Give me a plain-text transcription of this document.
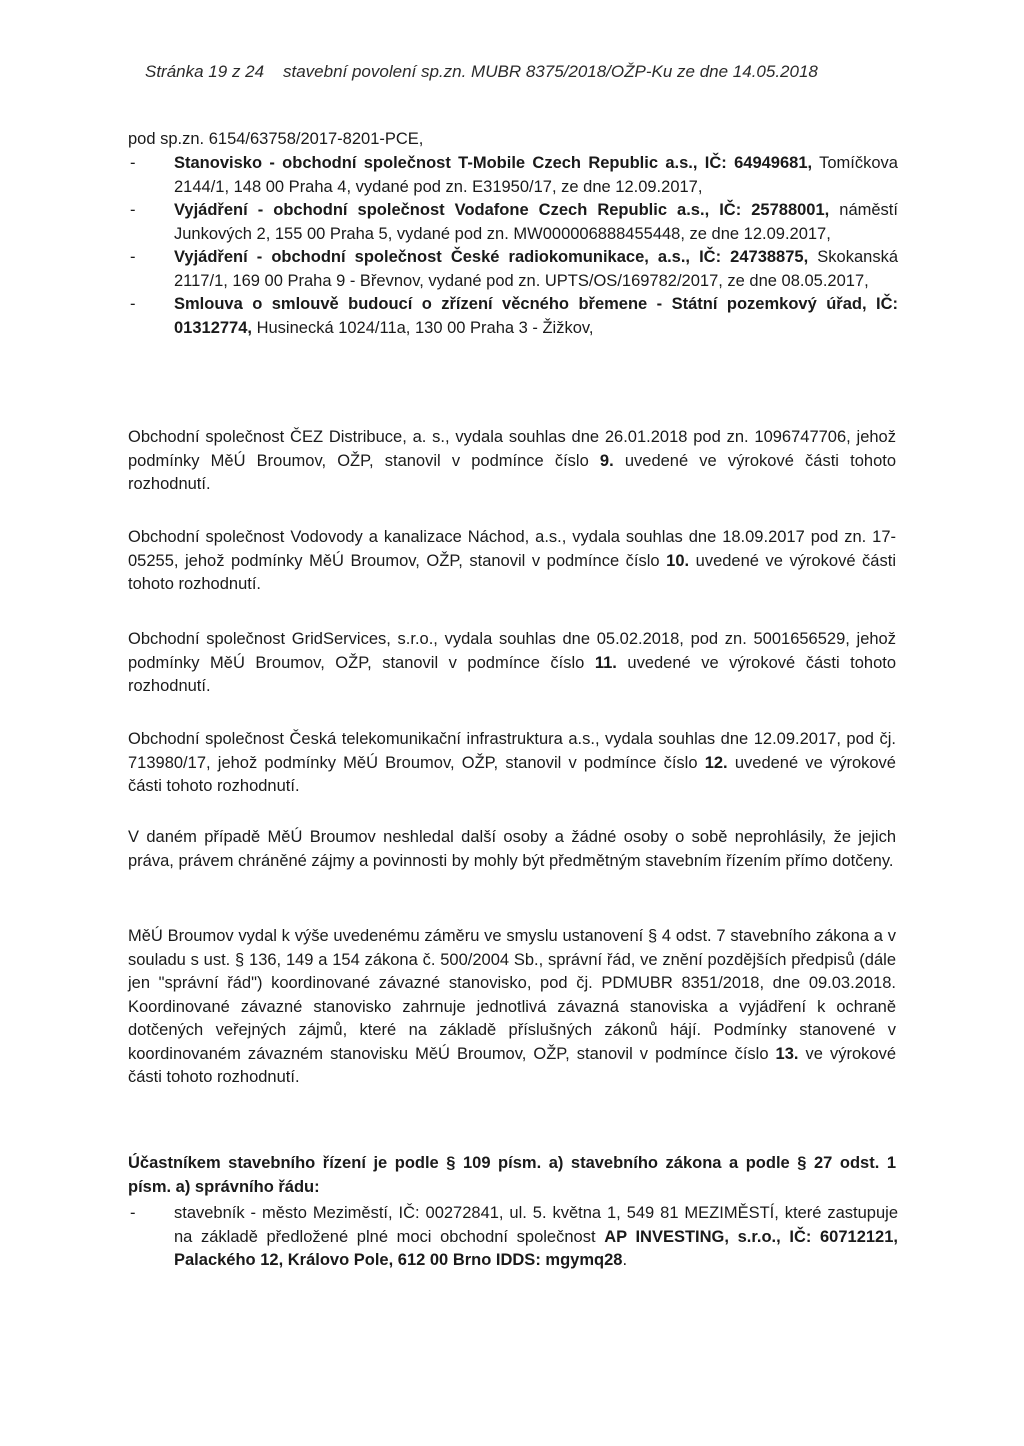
Stránka 19 z 24 stavební povolení sp.zn. MUBR 8375/2018/OŽP-Ku ze dne 14.05.2018

pod sp.zn. 6154/63758/2017-8201-PCE,

- Stanovisko - obchodní společnost T-Mobile Czech Republic a.s., IČ: 64949681, Tomíčkova 2144/1, 148 00 Praha 4, vydané pod zn. E31950/17, ze dne 12.09.2017,

- Vyjádření - obchodní společnost Vodafone Czech Republic a.s., IČ: 25788001, náměstí Junkových 2, 155 00 Praha 5, vydané pod zn. MW000006888455448, ze dne 12.09.2017,

- Vyjádření - obchodní společnost České radiokomunikace, a.s., IČ: 24738875, Skokanská 2117/1, 169 00 Praha 9 - Břevnov, vydané pod zn. UPTS/OS/169782/2017, ze dne 08.05.2017,

- Smlouva o smlouvě budoucí o zřízení věcného břemene - Státní pozemkový úřad, IČ: 01312774, Husinecká 1024/11a, 130 00 Praha 3 - Žižkov,

Obchodní společnost ČEZ Distribuce, a. s., vydala souhlas dne 26.01.2018 pod zn. 1096747706, jehož podmínky MěÚ Broumov, OŽP, stanovil v podmínce číslo 9. uvedené ve výrokové části tohoto rozhodnutí.

Obchodní společnost Vodovody a kanalizace Náchod, a.s., vydala souhlas dne 18.09.2017 pod zn. 17-05255, jehož podmínky MěÚ Broumov, OŽP, stanovil v podmínce číslo 10. uvedené ve výrokové části tohoto rozhodnutí.

Obchodní společnost GridServices, s.r.o., vydala souhlas dne 05.02.2018, pod zn. 5001656529, jehož podmínky MěÚ Broumov, OŽP, stanovil v podmínce číslo 11. uvedené ve výrokové části tohoto rozhodnutí.

Obchodní společnost Česká telekomunikační infrastruktura a.s., vydala souhlas dne 12.09.2017, pod čj. 713980/17, jehož podmínky MěÚ Broumov, OŽP, stanovil v podmínce číslo 12. uvedené ve výrokové části tohoto rozhodnutí.

V daném případě MěÚ Broumov neshledal další osoby a žádné osoby o sobě neprohlásily, že jejich práva, právem chráněné zájmy a povinnosti by mohly být předmětným stavebním řízením přímo dotčeny.

MěÚ Broumov vydal k výše uvedenému záměru ve smyslu ustanovení § 4 odst. 7 stavebního zákona a v souladu s ust. § 136, 149 a 154 zákona č. 500/2004 Sb., správní řád, ve znění pozdějších předpisů (dále jen "správní řád") koordinované závazné stanovisko, pod čj. PDMUBR 8351/2018, dne 09.03.2018. Koordinované závazné stanovisko zahrnuje jednotlivá závazná stanoviska a vyjádření k ochraně dotčených veřejných zájmů, které na základě příslušných zákonů hájí. Podmínky stanovené v koordinovaném závazném stanovisku MěÚ Broumov, OŽP, stanovil v podmínce číslo 13. ve výrokové části tohoto rozhodnutí.

Účastníkem stavebního řízení je podle § 109 písm. a) stavebního zákona a podle § 27 odst. 1 písm. a) správního řádu:

- stavebník - město Meziměstí, IČ: 00272841, ul. 5. května 1, 549 81 MEZIMĚSTÍ, které zastupuje na základě předložené plné moci obchodní společnost AP INVESTING, s.r.o., IČ: 60712121, Palackého 12, Královo Pole, 612 00 Brno IDDS: mgymq28.
